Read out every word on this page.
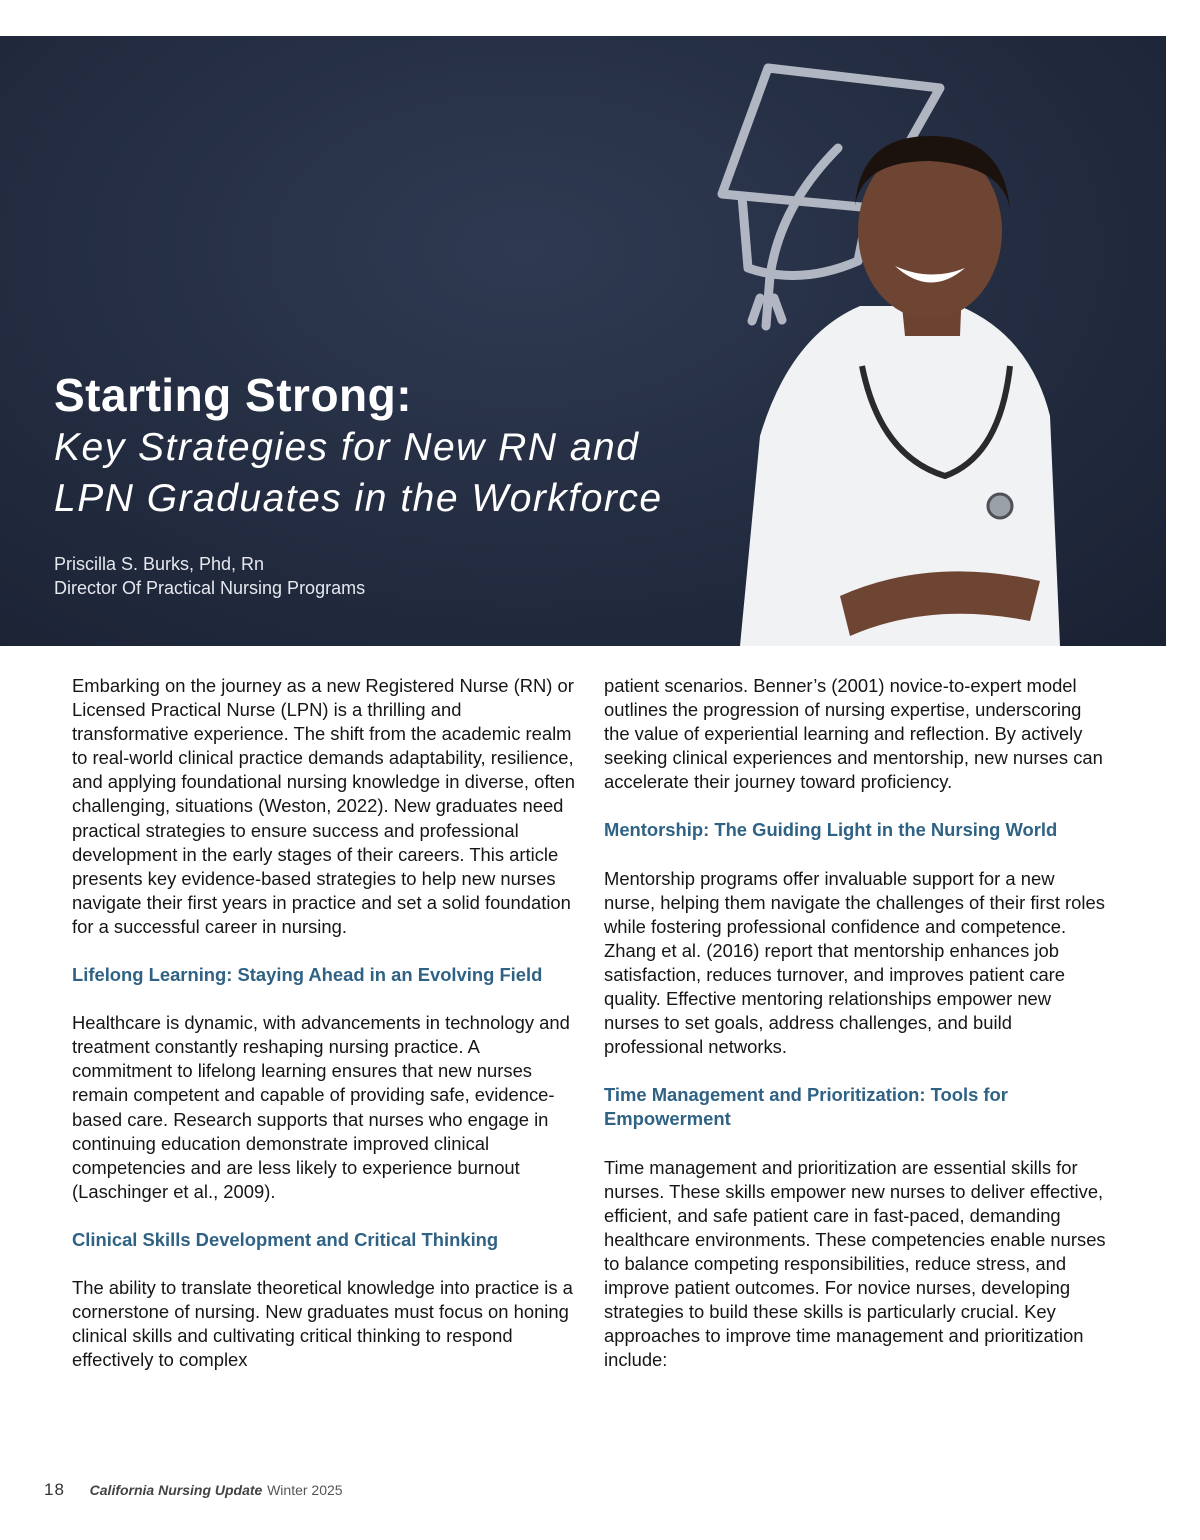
Starting Strong:
Key Strategies for New RN and
LPN Graduates in the Workforce
Priscilla S. Burks, Phd, Rn
Director Of Practical Nursing Programs

Embarking on the journey as a new Registered Nurse (RN) or Licensed Practical Nurse (LPN) is a thrilling and transformative experience. The shift from the academic realm to real-world clinical practice demands adaptability, resilience, and applying foundational nursing knowledge in diverse, often challenging, situations (Weston, 2022). New graduates need practical strategies to ensure success and professional development in the early stages of their careers. This article presents key evidence-based strategies to help new nurses navigate their first years in practice and set a solid foundation for a successful career in nursing.

Lifelong Learning: Staying Ahead in an Evolving Field

Healthcare is dynamic, with advancements in technology and treatment constantly reshaping nursing practice. A commitment to lifelong learning ensures that new nurses remain competent and capable of providing safe, evidence-based care. Research supports that nurses who engage in continuing education demonstrate improved clinical competencies and are less likely to experience burnout (Laschinger et al., 2009).

Clinical Skills Development and Critical Thinking

The ability to translate theoretical knowledge into practice is a cornerstone of nursing. New graduates must focus on honing clinical skills and cultivating critical thinking to respond effectively to complex

patient scenarios. Benner’s (2001) novice-to-expert model outlines the progression of nursing expertise, underscoring the value of experiential learning and reflection. By actively seeking clinical experiences and mentorship, new nurses can accelerate their journey toward proficiency.

Mentorship: The Guiding Light in the Nursing World

Mentorship programs offer invaluable support for a new nurse, helping them navigate the challenges of their first roles while fostering professional confidence and competence. Zhang et al. (2016) report that mentorship enhances job satisfaction, reduces turnover, and improves patient care quality. Effective mentoring relationships empower new nurses to set goals, address challenges, and build professional networks.

Time Management and Prioritization: Tools for Empowerment

Time management and prioritization are essential skills for nurses. These skills empower new nurses to deliver effective, efficient, and safe patient care in fast-paced, demanding healthcare environments. These competencies enable nurses to balance competing responsibilities, reduce stress, and improve patient outcomes. For novice nurses, developing strategies to build these skills is particularly crucial. Key approaches to improve time management and prioritization include:

18 California Nursing Update Winter 2025
